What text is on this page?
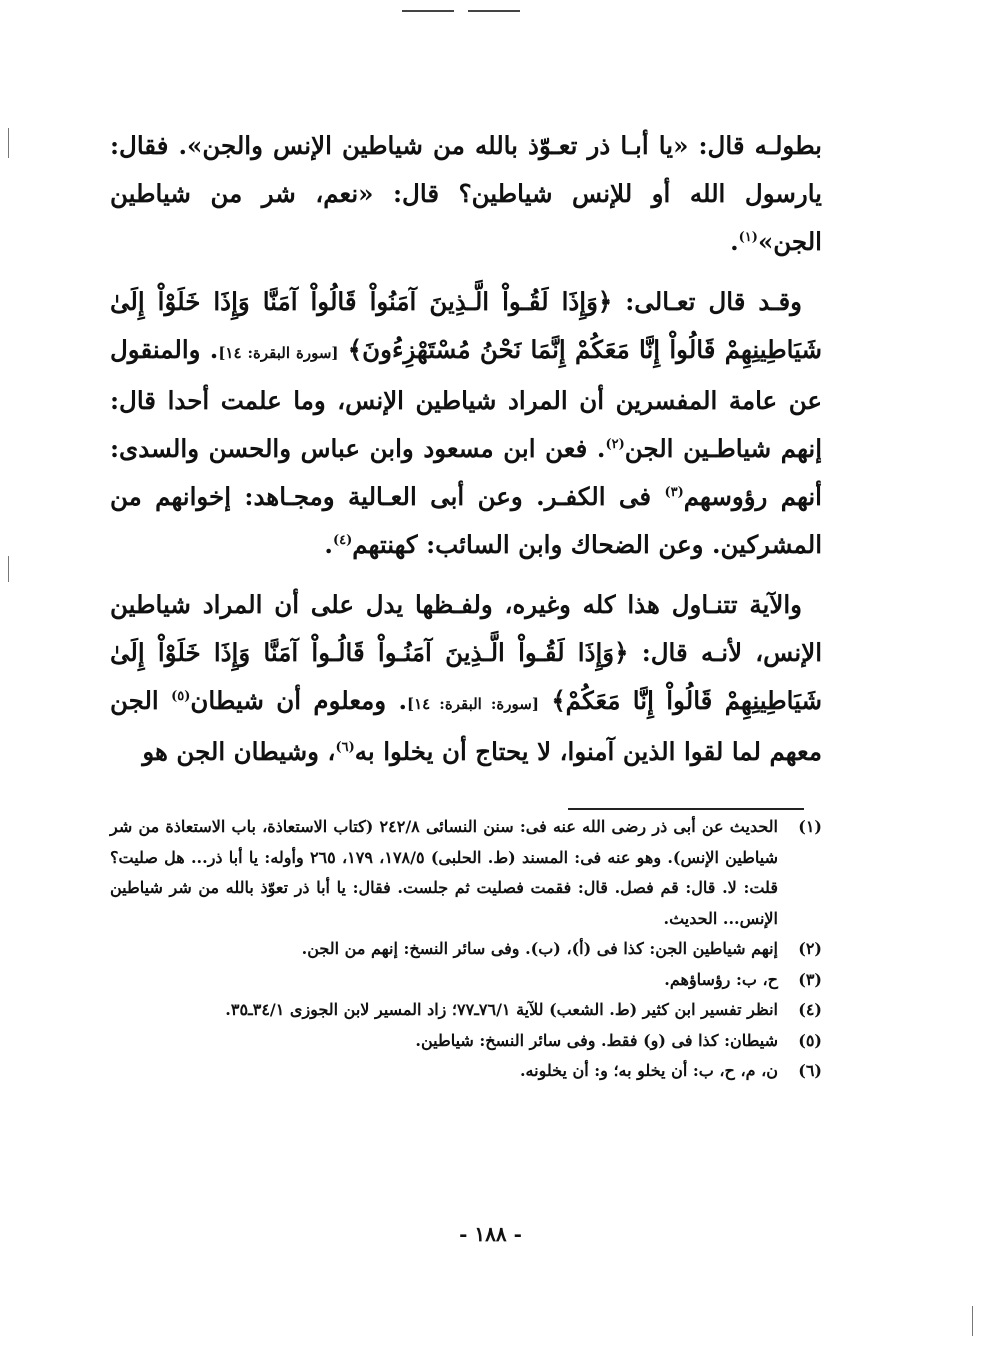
بطولـه قال: «يا أبـا ذر تعـوّذ بالله من شياطين الإنس والجن». فقال: يارسول الله أو للإنس شياطين؟ قال: «نعم، شر من شياطين الجن»$^{(١)}$.

وقـد قال تعـالى: ﴿وَإِذَا لَقُـواْ الَّـذِينَ آمَنُواْ قَالُواْ آمَنَّا وَإِذَا خَلَوْاْ إِلَىٰ شَيَاطِينِهِمْ قَالُواْ إِنَّا مَعَكُمْ إِنَّمَا نَحْنُ مُسْتَهْزِءُونَ﴾ [سورة البقرة: ١٤]. والمنقول عن عامة المفسرين أن المراد شياطين الإنس، وما علمت أحدا قال: إنهم شياطـين الجن$^{(٢)}$. فعن ابن مسعود وابن عباس والحسن والسدى: أنهم رؤوسهم$^{(٣)}$ فى الكفـر. وعن أبى العـالية ومجـاهد: إخوانهم من المشركين. وعن الضحاك وابن السائب: كهنتهم$^{(٤)}$.

والآية تتنـاول هذا كله وغيره، ولفـظها يدل على أن المراد شياطين الإنس، لأنـه قال: ﴿وَإِذَا لَقُـواْ الَّـذِينَ آمَنُـواْ قَالُـواْ آمَنَّا وَإِذَا خَلَوْاْ إِلَىٰ شَيَاطِينِهِمْ قَالُواْ إِنَّا مَعَكُمْ﴾ [سورة: البقرة: ١٤]. ومعلوم أن شيطان$^{(٥)}$ الجن معهم لما لقوا الذين آمنوا، لا يحتاج أن يخلوا به$^{(٦)}$، وشيطان الجن هو

(١)
الحديث عن أبى ذر رضى الله عنه فى: سنن النسائى ٢٤٢/٨ (كتاب الاستعاذة، باب الاستعاذة من شر شياطين الإنس). وهو عنه فى: المسند (ط. الحلبى) ١٧٨/٥، ١٧٩، ٢٦٥ وأوله: يا أبا ذر... هل صليت؟ قلت: لا. قال: قم فصل. قال: فقمت فصليت ثم جلست. فقال: يا أبا ذر تعوّذ بالله من شر شياطين الإنس... الحديث.
(٢)
إنهم شياطين الجن: كذا فى (أ)، (ب). وفى سائر النسخ: إنهم من الجن.
(٣)
ح، ب: رؤساؤهم.
(٤)
انظر تفسير ابن كثير (ط. الشعب) للآية ٧٦/١ـ٧٧؛ زاد المسير لابن الجوزى ٣٤/١ـ٣٥.
(٥)
شيطان: كذا فى (و) فقط. وفى سائر النسخ: شياطين.
(٦)
ن، م، ح، ب: أن يخلو به؛ و: أن يخلونه.
- ١٨٨ -
